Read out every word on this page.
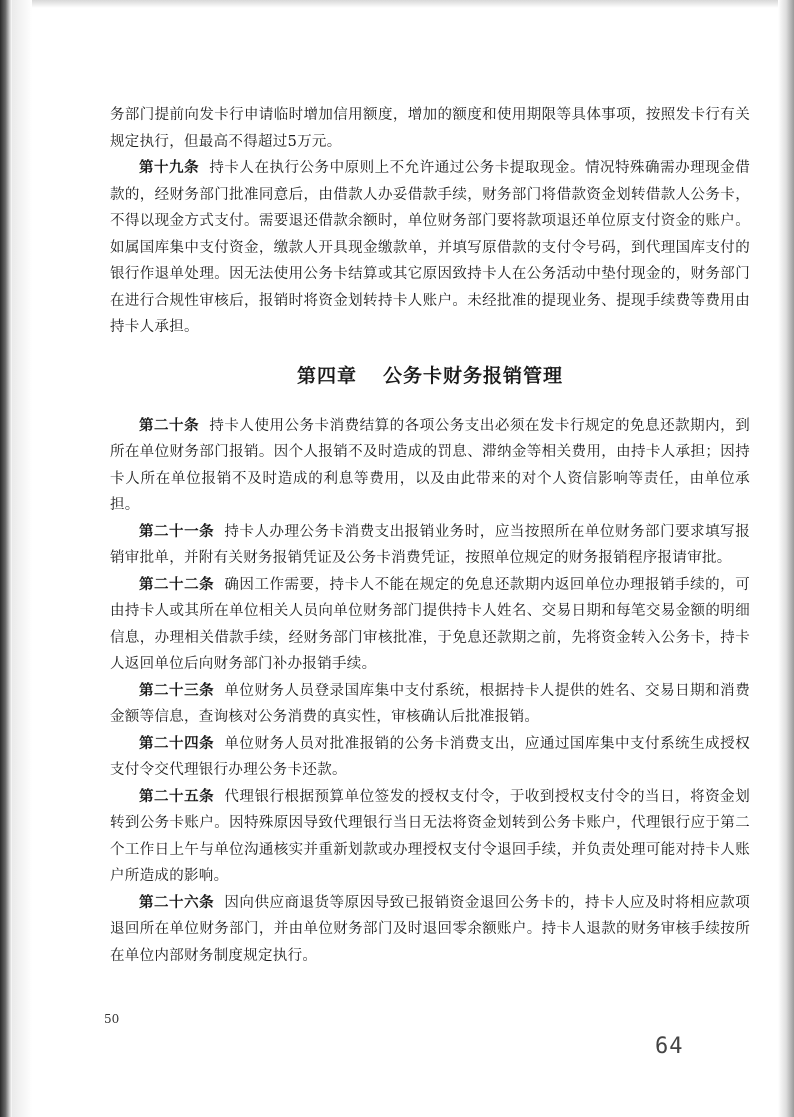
务部门提前向发卡行申请临时增加信用额度，增加的额度和使用期限等具体事项，按照发卡行有关规定执行，但最高不得超过5万元。

第十九条 持卡人在执行公务中原则上不允许通过公务卡提取现金。情况特殊确需办理现金借款的，经财务部门批准同意后，由借款人办妥借款手续，财务部门将借款资金划转借款人公务卡，不得以现金方式支付。需要退还借款余额时，单位财务部门要将款项退还单位原支付资金的账户。如属国库集中支付资金，缴款人开具现金缴款单，并填写原借款的支付令号码，到代理国库支付的银行作退单处理。因无法使用公务卡结算或其它原因致持卡人在公务活动中垫付现金的，财务部门在进行合规性审核后，报销时将资金划转持卡人账户。未经批准的提现业务、提现手续费等费用由持卡人承担。

第四章 公务卡财务报销管理

第二十条 持卡人使用公务卡消费结算的各项公务支出必须在发卡行规定的免息还款期内，到所在单位财务部门报销。因个人报销不及时造成的罚息、滞纳金等相关费用，由持卡人承担；因持卡人所在单位报销不及时造成的利息等费用，以及由此带来的对个人资信影响等责任，由单位承担。

第二十一条 持卡人办理公务卡消费支出报销业务时，应当按照所在单位财务部门要求填写报销审批单，并附有关财务报销凭证及公务卡消费凭证，按照单位规定的财务报销程序报请审批。

第二十二条 确因工作需要，持卡人不能在规定的免息还款期内返回单位办理报销手续的，可由持卡人或其所在单位相关人员向单位财务部门提供持卡人姓名、交易日期和每笔交易金额的明细信息，办理相关借款手续，经财务部门审核批准，于免息还款期之前，先将资金转入公务卡，持卡人返回单位后向财务部门补办报销手续。

第二十三条 单位财务人员登录国库集中支付系统，根据持卡人提供的姓名、交易日期和消费金额等信息，查询核对公务消费的真实性，审核确认后批准报销。

第二十四条 单位财务人员对批准报销的公务卡消费支出，应通过国库集中支付系统生成授权支付令交代理银行办理公务卡还款。

第二十五条 代理银行根据预算单位签发的授权支付令，于收到授权支付令的当日，将资金划转到公务卡账户。因特殊原因导致代理银行当日无法将资金划转到公务卡账户，代理银行应于第二个工作日上午与单位沟通核实并重新划款或办理授权支付令退回手续，并负责处理可能对持卡人账户所造成的影响。

第二十六条 因向供应商退货等原因导致已报销资金退回公务卡的，持卡人应及时将相应款项退回所在单位财务部门，并由单位财务部门及时退回零余额账户。持卡人退款的财务审核手续按所在单位内部财务制度规定执行。

50
64
